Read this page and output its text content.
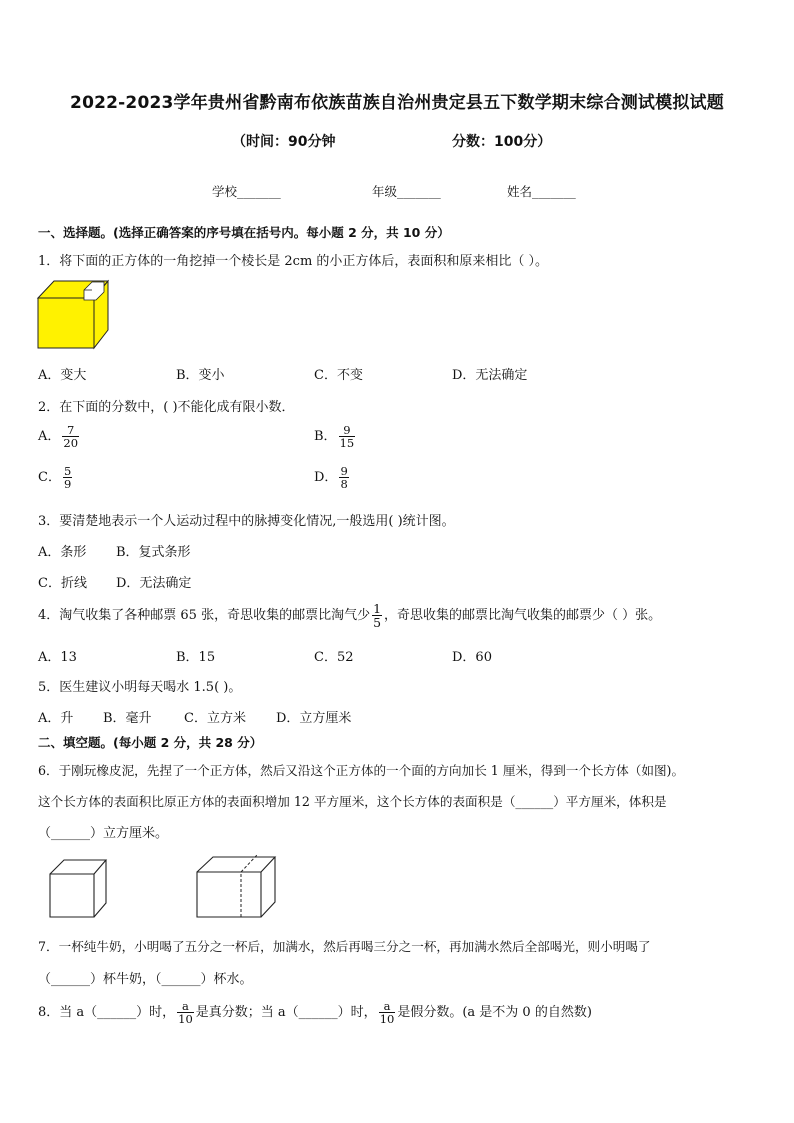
2022-2023学年贵州省黔南布依族苗族自治州贵定县五下数学期末综合测试模拟试题
（时间：90分钟	分数：100分）
学校_______	年级_______	姓名_______
一、选择题。(选择正确答案的序号填在括号内。每小题 2 分，共 10 分）
1．将下面的正方体的一角挖掉一个棱长是 2cm 的小正方体后，表面积和原来相比（ ）。
A．变大	B．变小	C．不变	D．无法确定
2．在下面的分数中，( )不能化成有限小数．
A． $\frac{7}{20}$	B． $\frac{9}{15}$
C． $\frac{5}{9}$	D． $\frac{9}{8}$
3．要清楚地表示一个人运动过程中的脉搏变化情况,一般选用( )统计图。
A．条形 B．复式条形
C．折线 D．无法确定
4．淘气收集了各种邮票 65 张，奇思收集的邮票比淘气少 $\frac{1}{5}$ ，奇思收集的邮票比淘气收集的邮票少（ ）张。
A．13	B．15	C．52	D．60
5．医生建议小明每天喝水 1.5( )。
A．升 B．毫升 C．立方米 D．立方厘米
二、填空题。(每小题 2 分，共 28 分）
6．于刚玩橡皮泥，先捏了一个正方体，然后又沿这个正方体的一个面的方向加长 1 厘米，得到一个长方体（如图)。
这个长方体的表面积比原正方体的表面积增加 12 平方厘米，这个长方体的表面积是（______）平方厘米，体积是
（______）立方厘米。
7．一杯纯牛奶，小明喝了五分之一杯后，加满水，然后再喝三分之一杯，再加满水然后全部喝光，则小明喝了
（______）杯牛奶，（______）杯水。
8．当 a（______）时， $\frac{a}{10}$ 是真分数；当 a（______）时， $\frac{a}{10}$ 是假分数。(a 是不为 0 的自然数)
